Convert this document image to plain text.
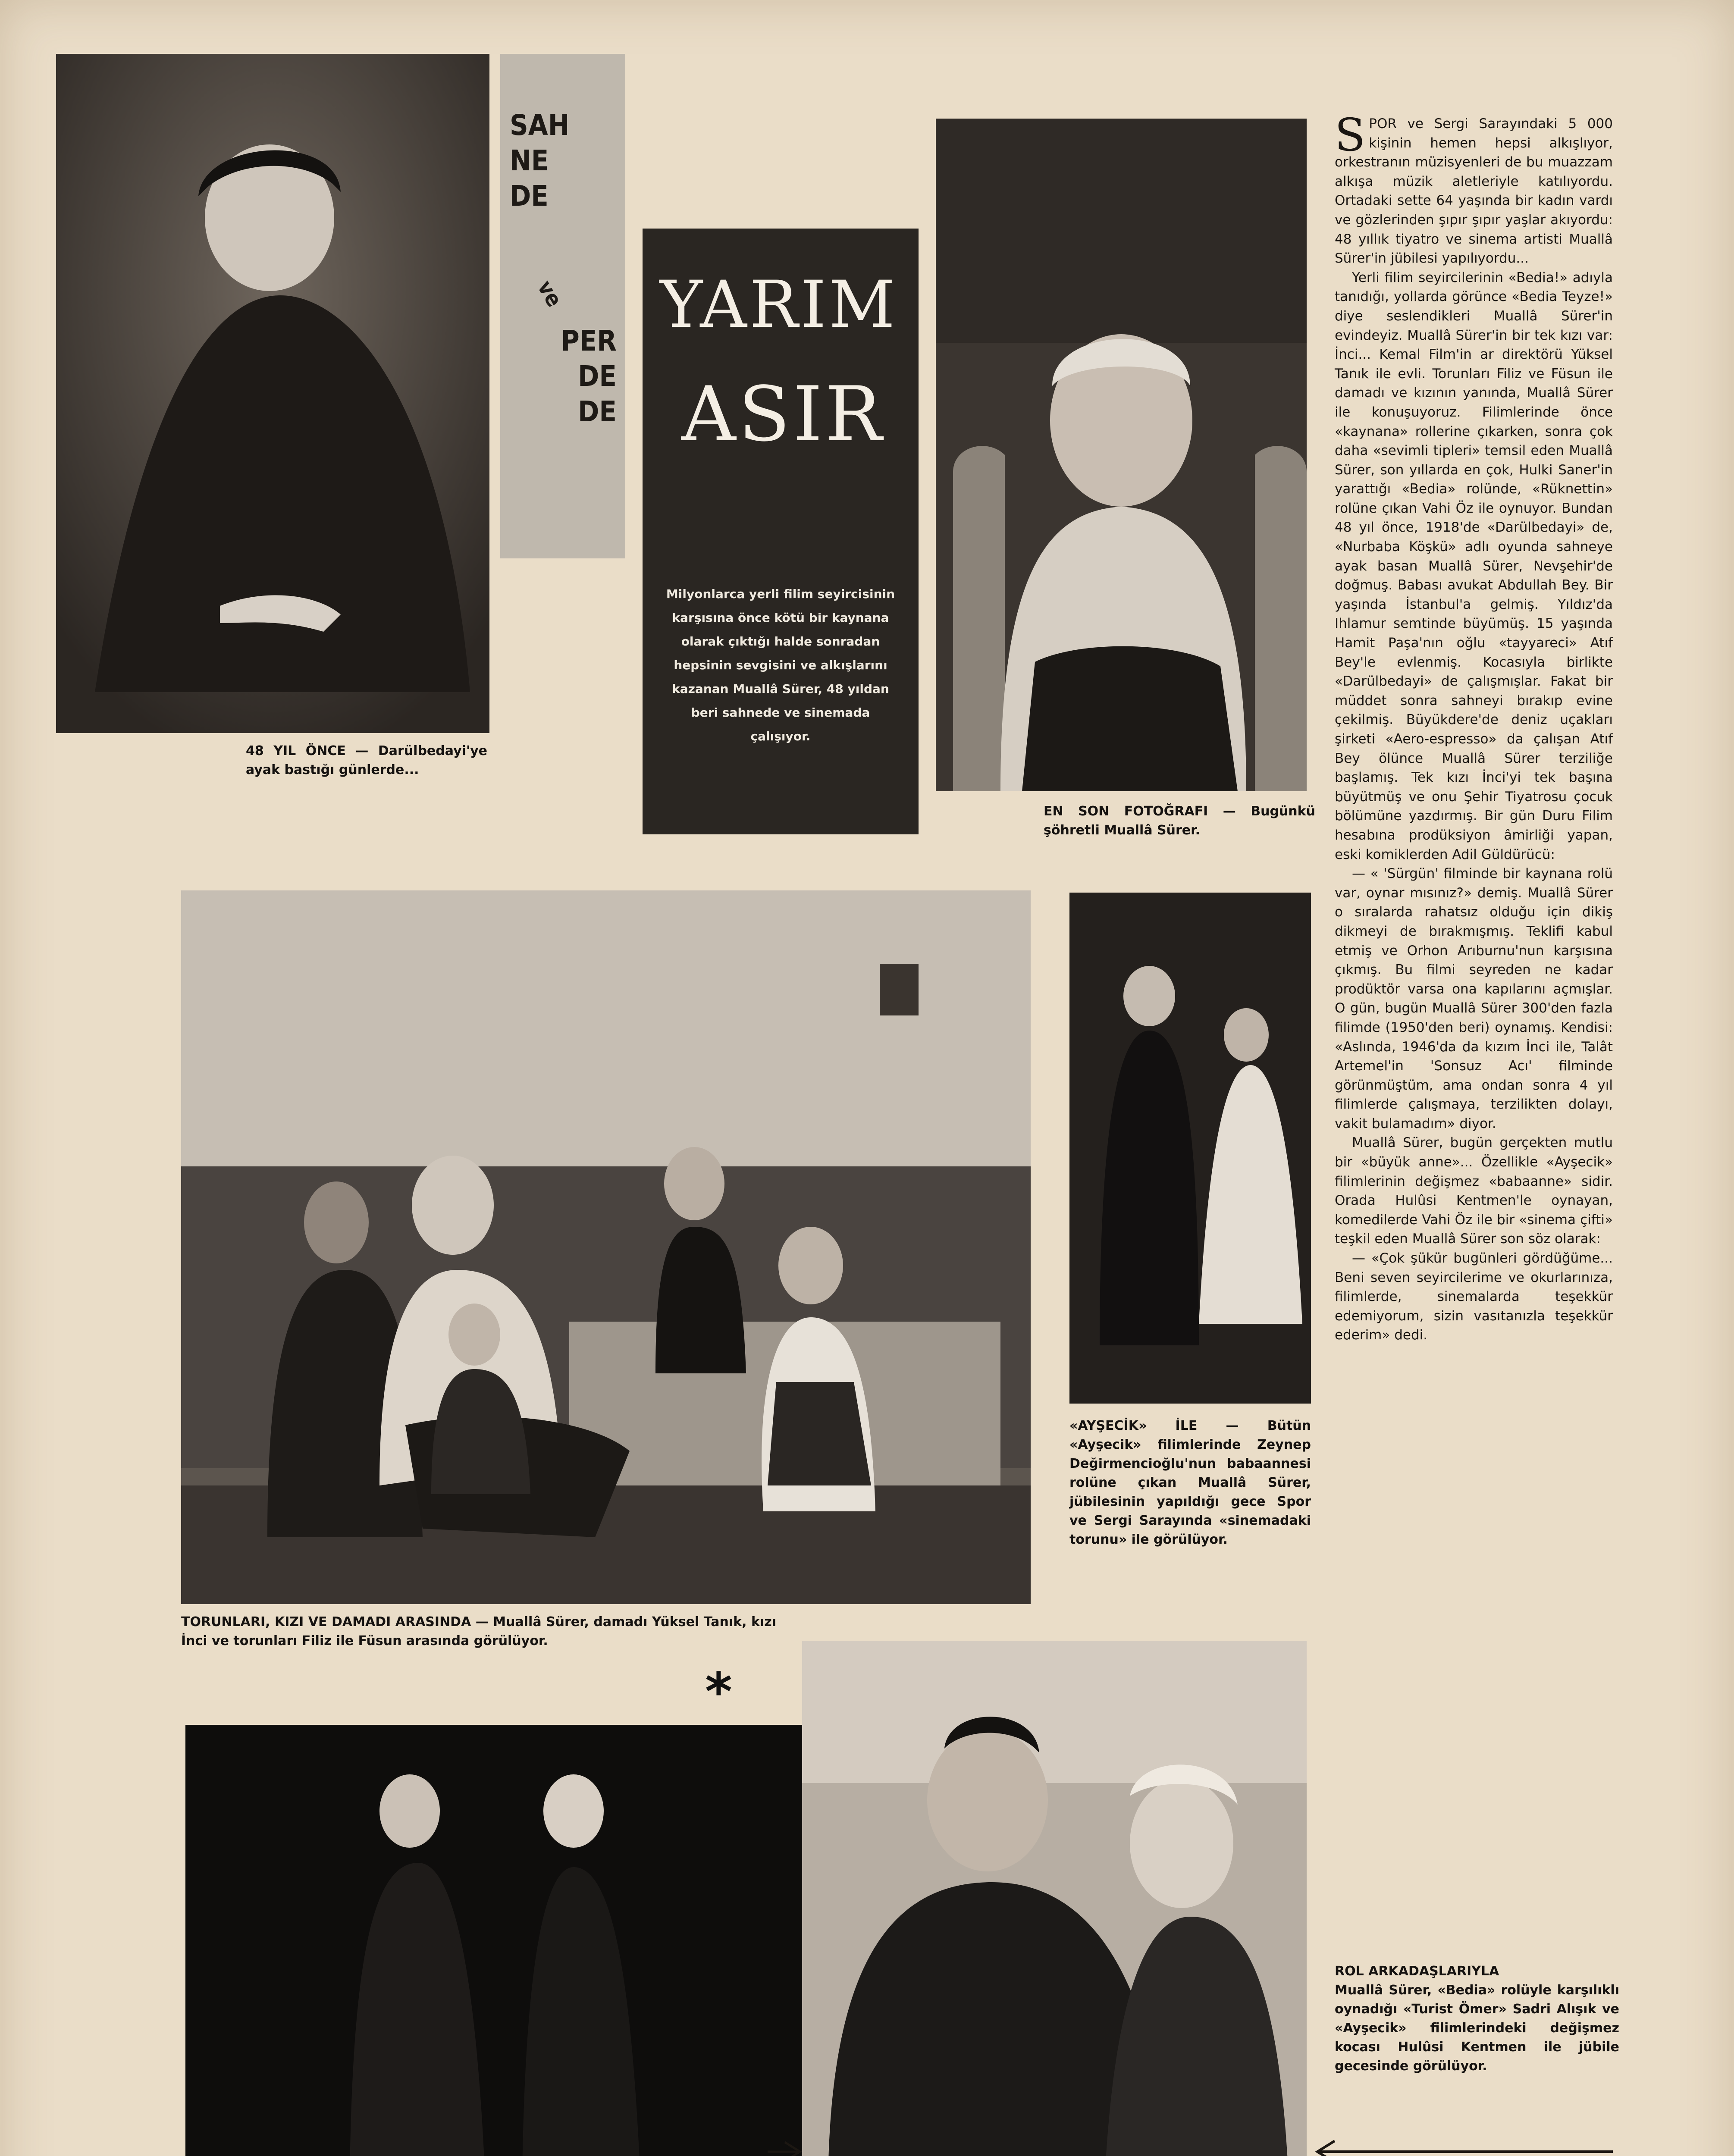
SAH
NE
DE
ve
PER
DE
DE
48 YIL ÖNCE — Darülbedayi'ye ayak bastığı günlerde...
YARIM
ASIR
Milyonlarca yerli filim seyircisinin karşısına önce kötü bir kaynana olarak çıktığı halde sonradan hepsinin sevgisini ve alkışlarını kazanan Muallâ Sürer, 48 yıldan beri sahnede ve sinemada çalışıyor.
EN SON FOTOĞRAFI — Bugünkü şöhretli Muallâ Sürer.
TORUNLARI, KIZI VE DAMADI ARASINDA — Muallâ Sürer, damadı Yüksel Tanık, kızı İnci ve torunları Filiz ile Füsun arasında görülüyor.
*
«AYŞECİK» İLE — Bütün «Ayşecik» filimlerinde Zeynep Değirmencioğlu'nun babaannesi rolüne çıkan Muallâ Sürer, jübilesinin yapıldığı gece Spor ve Sergi Sarayında «sinemadaki torunu» ile görülüyor.
ROL ARKADAŞLARIYLA
Muallâ Sürer, «Bedia» rolüyle karşılıklı oynadığı «Turist Ömer» Sadri Alışık ve «Ayşecik» filimlerindeki değişmez kocası Hulûsi Kentmen ile jübile gecesinde görülüyor.
S POR ve Sergi Sarayındaki 5 000 kişinin hemen hepsi alkışlıyor, orkestranın müzisyenleri de bu muazzam alkışa müzik aletleriyle katılıyordu. Ortadaki sette 64 yaşında bir kadın vardı ve gözlerinden şıpır şıpır yaşlar akıyordu: 48 yıllık tiyatro ve sinema artisti Muallâ Sürer'in jübilesi yapılıyordu...

Yerli filim seyircilerinin «Bedia!» adıyla tanıdığı, yollarda görünce «Bedia Teyze!» diye seslendikleri Muallâ Sürer'in evindeyiz. Muallâ Sürer'in bir tek kızı var: İnci... Kemal Film'in ar direktörü Yüksel Tanık ile evli. Torunları Filiz ve Füsun ile damadı ve kızının yanında, Muallâ Sürer ile konuşuyoruz. Filimlerinde önce «kaynana» rollerine çıkarken, sonra çok daha «sevimli tipleri» temsil eden Muallâ Sürer, son yıllarda en çok, Hulki Saner'in yarattığı «Bedia» rolünde, «Rüknettin» rolüne çıkan Vahi Öz ile oynuyor. Bundan 48 yıl önce, 1918'de «Darülbedayi» de, «Nurbaba Köşkü» adlı oyunda sahneye ayak basan Muallâ Sürer, Nevşehir'de doğmuş. Babası avukat Abdullah Bey. Bir yaşında İstanbul'a gelmiş. Yıldız'da Ihlamur semtinde büyümüş. 15 yaşında Hamit Paşa'nın oğlu «tayyareci» Atıf Bey'le evlenmiş. Kocasıyla birlikte «Darülbedayi» de çalışmışlar. Fakat bir müddet sonra sahneyi bırakıp evine çekilmiş. Büyükdere'de deniz uçakları şirketi «Aero-espresso» da çalışan Atıf Bey ölünce Muallâ Sürer terziliğe başlamış. Tek kızı İnci'yi tek başına büyütmüş ve onu Şehir Tiyatrosu çocuk bölümüne yazdırmış. Bir gün Duru Filim hesabına prodüksiyon âmirliği yapan, eski komiklerden Adil Güldürücü:

— « 'Sürgün' filminde bir kaynana rolü var, oynar mısınız?» demiş. Muallâ Sürer o sıralarda rahatsız olduğu için dikiş dikmeyi de bırakmışmış. Teklifi kabul etmiş ve Orhon Arıburnu'nun karşısına çıkmış. Bu filmi seyreden ne kadar prodüktör varsa ona kapılarını açmışlar. O gün, bugün Muallâ Sürer 300'den fazla filimde (1950'den beri) oynamış. Kendisi: «Aslında, 1946'da da kızım İnci ile, Talât Artemel'in 'Sonsuz Acı' filminde görünmüştüm, ama ondan sonra 4 yıl filimlerde çalışmaya, terzilikten dolayı, vakit bulamadım» diyor.

Muallâ Sürer, bugün gerçekten mutlu bir «büyük anne»... Özellikle «Ayşecik» filimlerinin değişmez «babaanne» sidir. Orada Hulûsi Kentmen'le oynayan, komedilerde Vahi Öz ile bir «sinema çifti» teşkil eden Muallâ Sürer son söz olarak:

— «Çok şükür bugünleri gördüğüme... Beni seven seyircilerime ve okurlarınıza, filimlerde, sinemalarda teşekkür edemiyorum, sizin vasıtanızla teşekkür ederim» dedi.
